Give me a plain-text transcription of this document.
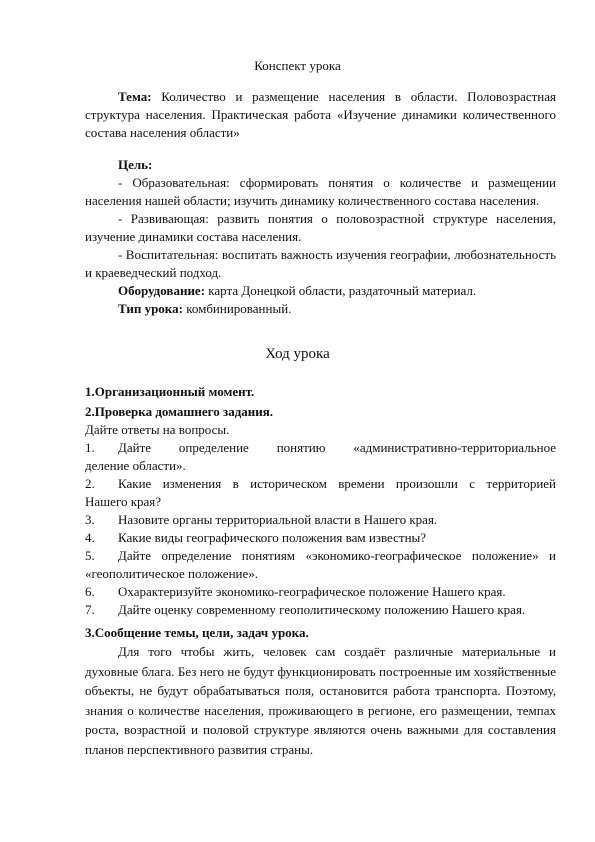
Конспект урока

Тема: Количество и размещение населения в области. Половозрастная структура населения. Практическая работа «Изучение динамики количественного состава населения области»

Цель:

- Образовательная: сформировать понятия о количестве и размещении населения нашей области; изучить динамику количественного состава населения.

- Развивающая: развить понятия о половозрастной структуре населения, изучение динамики состава населения.

- Воспитательная: воспитать важность изучения географии, любознательность и краеведческий подход.

Оборудование: карта Донецкой области, раздаточный материал.

Тип урока: комбинированный.

Ход урока

1.Организационный момент.

2.Проверка домашнего задания.

Дайте ответы на вопросы.

1.	Дайте определение понятию «административно-территориальное

деление области».

2.	Какие изменения в историческом времени произошли с территорией

Нашего края?

3.	Назовите органы территориальной власти в Нашего края.
4.	Какие виды географического положения вам известны?
5.	Дайте определение понятиям «экономико-географическое положение» и

«геополитическое положение».

6.	Охарактеризуйте экономико-географическое положение Нашего края.
7.	Дайте оценку современному геополитическому положению Нашего края.

3.Сообщение темы, цели, задач урока.

Для того чтобы жить, человек сам создаёт различные материальные и духовные блага. Без него не будут функционировать построенные им хозяйственные объекты, не будут обрабатываться поля, остановится работа транспорта. Поэтому, знания о количестве населения, проживающего в регионе, его размещении, темпах роста, возрастной и половой структуре являются очень важными для составления планов перспективного развития страны.
